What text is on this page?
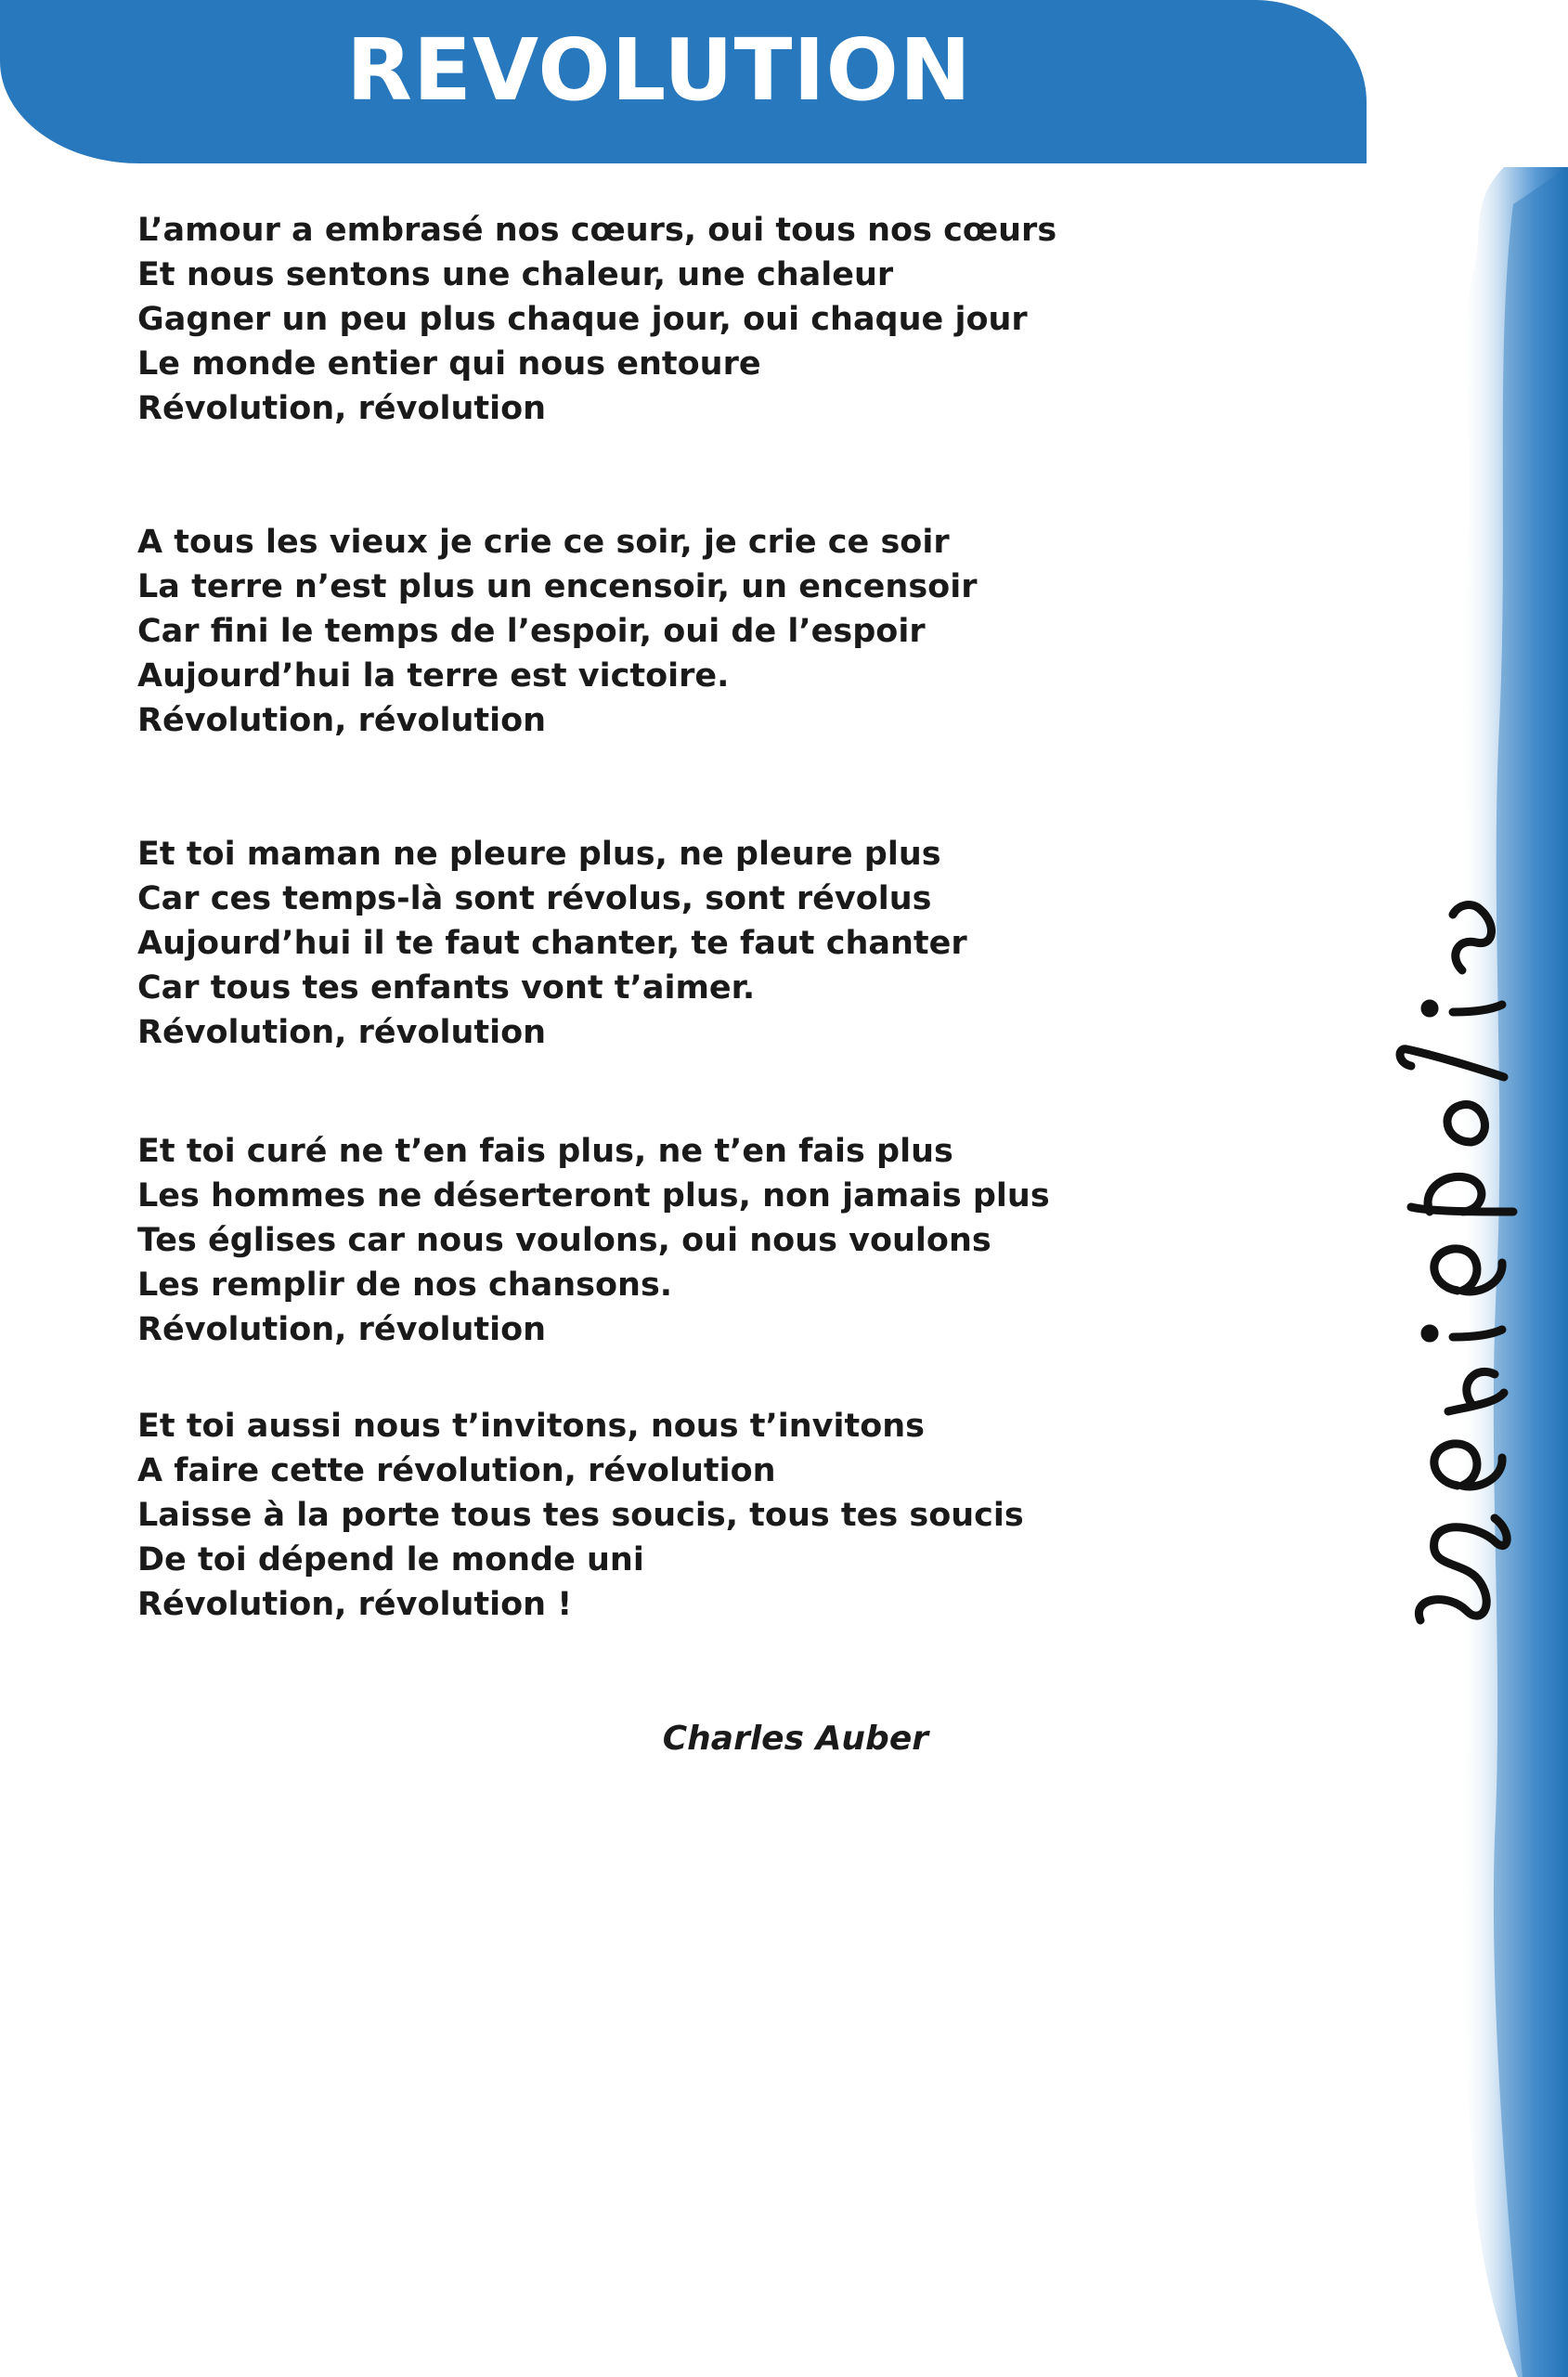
REVOLUTION

L’amour a embrasé nos cœurs, oui tous nos cœurs
Et nous sentons une chaleur, une chaleur
Gagner un peu plus chaque jour, oui chaque jour
Le monde entier qui nous entoure
Révolution, révolution

A tous les vieux je crie ce soir, je crie ce soir
La terre n’est plus un encensoir, un encensoir
Car fini le temps de l’espoir, oui de l’espoir
Aujourd’hui la terre est victoire.
Révolution, révolution

Et toi maman ne pleure plus, ne pleure plus
Car ces temps-là sont révolus, sont révolus
Aujourd’hui il te faut chanter, te faut chanter
Car tous tes enfants vont t’aimer.
Révolution, révolution

Et toi curé ne t’en fais plus, ne t’en fais plus
Les hommes ne déserteront plus, non jamais plus
Tes églises car nous voulons, oui nous voulons
Les remplir de nos chansons.
Révolution, révolution

Et toi aussi nous t’invitons, nous t’invitons
A faire cette révolution, révolution
Laisse à la porte tous tes soucis, tous tes soucis
De toi dépend le monde uni
Révolution, révolution !

Charles Auber
